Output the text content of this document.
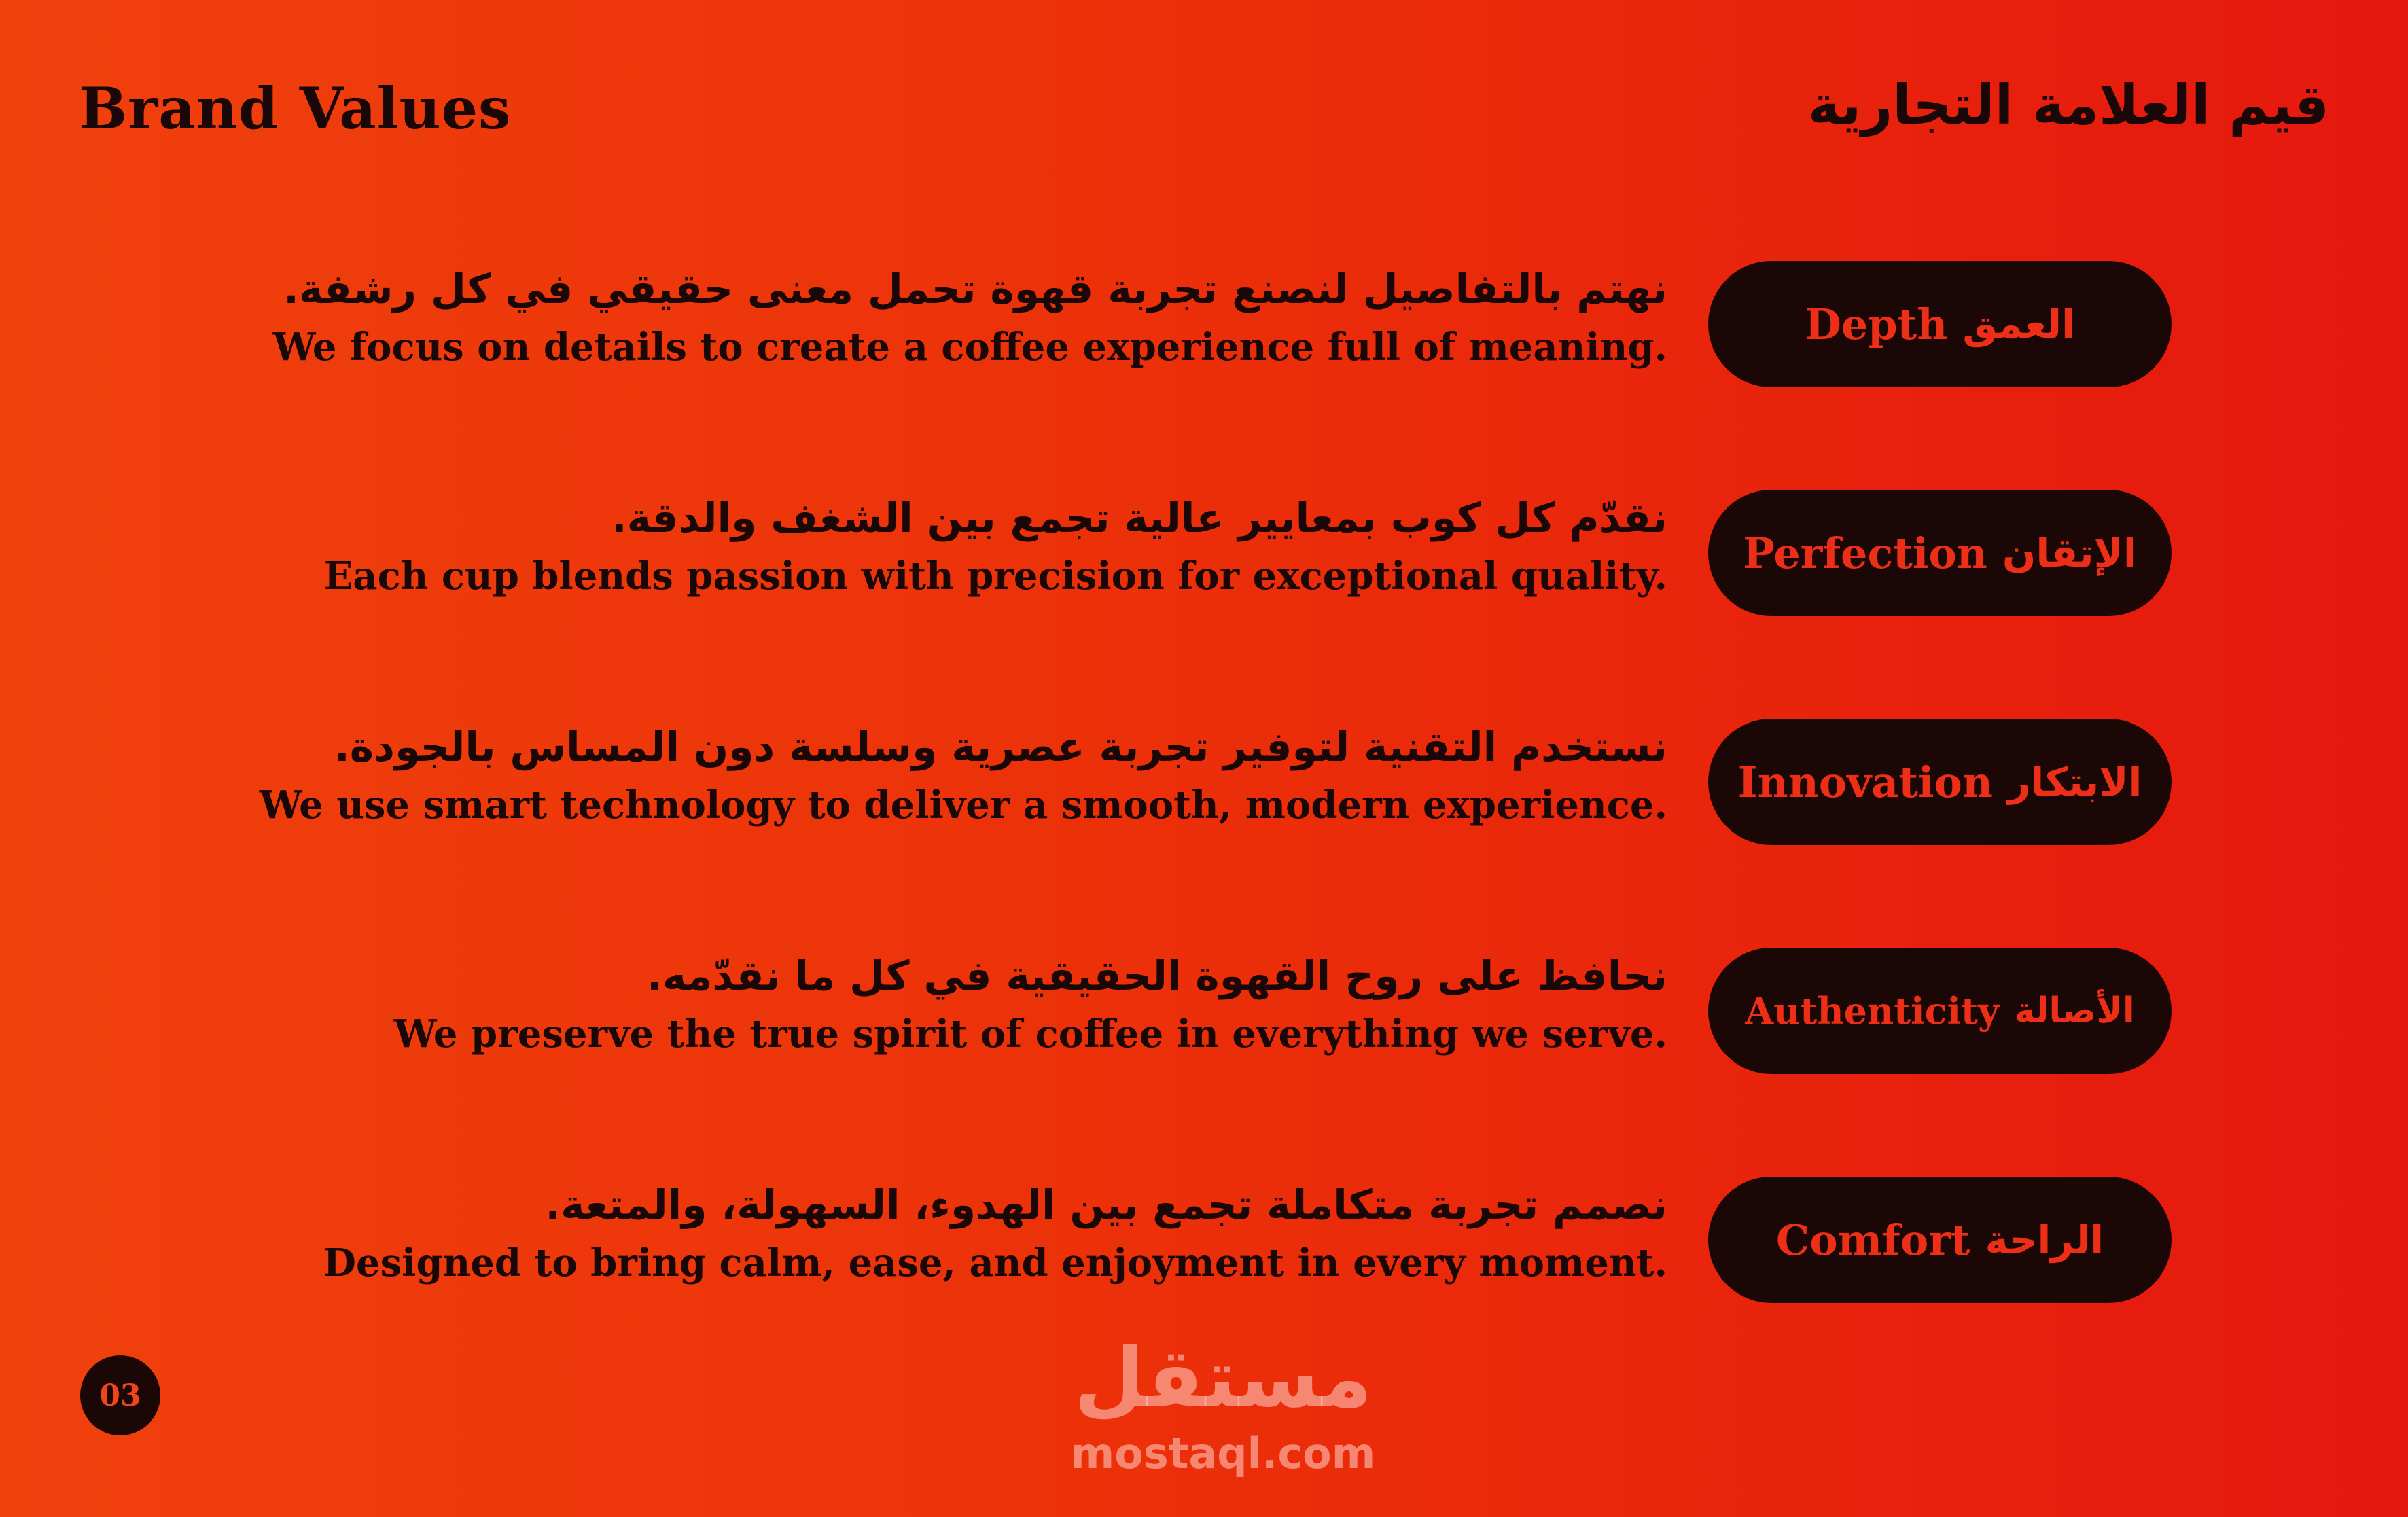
Brand Values	قيم العلامة التجارية
Depth العمق
نهتم بالتفاصيل لنصنع تجربة قهوة تحمل معنى حقيقي في كل رشفة.
We focus on details to create a coffee experience full of meaning.
Perfection الإتقان
نقدّم كل كوب بمعايير عالية تجمع بين الشغف والدقة.
Each cup blends passion with precision for exceptional quality.
Innovation الابتكار
نستخدم التقنية لتوفير تجربة عصرية وسلسة دون المساس بالجودة.
We use smart technology to deliver a smooth, modern experience.
Authenticity الأصالة
نحافظ على روح القهوة الحقيقية في كل ما نقدّمه.
We preserve the true spirit of coffee in everything we serve.
Comfort الراحة
نصمم تجربة متكاملة تجمع بين الهدوء، السهولة، والمتعة.
Designed to bring calm, ease, and enjoyment in every moment.
03	مستقل
mostaql.com
